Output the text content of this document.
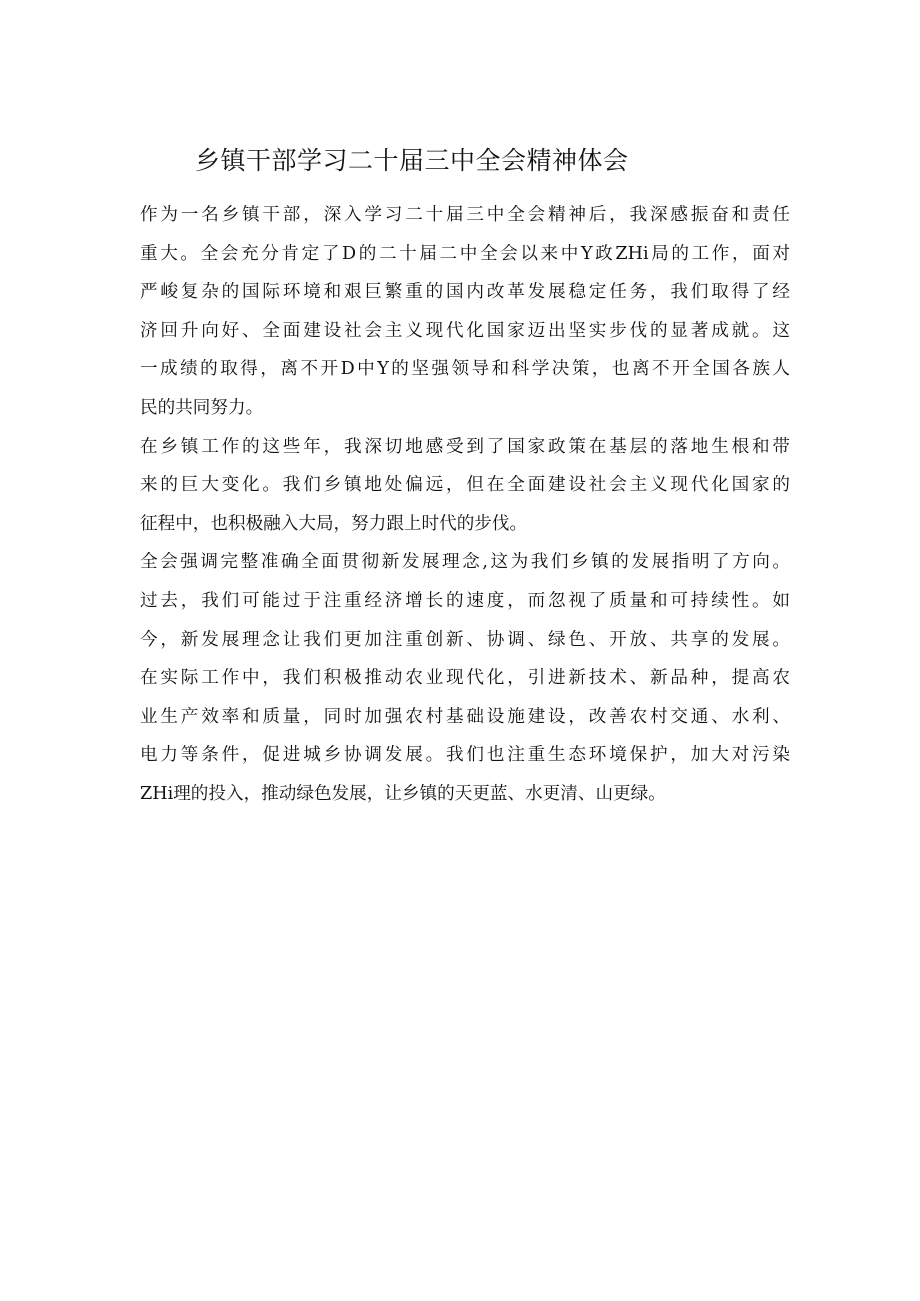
乡镇干部学习二十届三中全会精神体会
作为一名乡镇干部，深入学习二十届三中全会精神后，我深感振奋和责任
重大。全会充分肯定了D的二十届二中全会以来中Y政ZHi局的工作，面对
严峻复杂的国际环境和艰巨繁重的国内改革发展稳定任务，我们取得了经
济回升向好、全面建设社会主义现代化国家迈出坚实步伐的显著成就。这
一成绩的取得，离不开D中Y的坚强领导和科学决策，也离不开全国各族人
民的共同努力。
在乡镇工作的这些年，我深切地感受到了国家政策在基层的落地生根和带
来的巨大变化。我们乡镇地处偏远，但在全面建设社会主义现代化国家的
征程中，也积极融入大局，努力跟上时代的步伐。
全会强调完整准确全面贯彻新发展理念,这为我们乡镇的发展指明了方向。
过去，我们可能过于注重经济增长的速度，而忽视了质量和可持续性。如
今，新发展理念让我们更加注重创新、协调、绿色、开放、共享的发展。
在实际工作中，我们积极推动农业现代化，引进新技术、新品种，提高农
业生产效率和质量，同时加强农村基础设施建设，改善农村交通、水利、
电力等条件，促进城乡协调发展。我们也注重生态环境保护，加大对污染
ZHi理的投入，推动绿色发展，让乡镇的天更蓝、水更清、山更绿。
